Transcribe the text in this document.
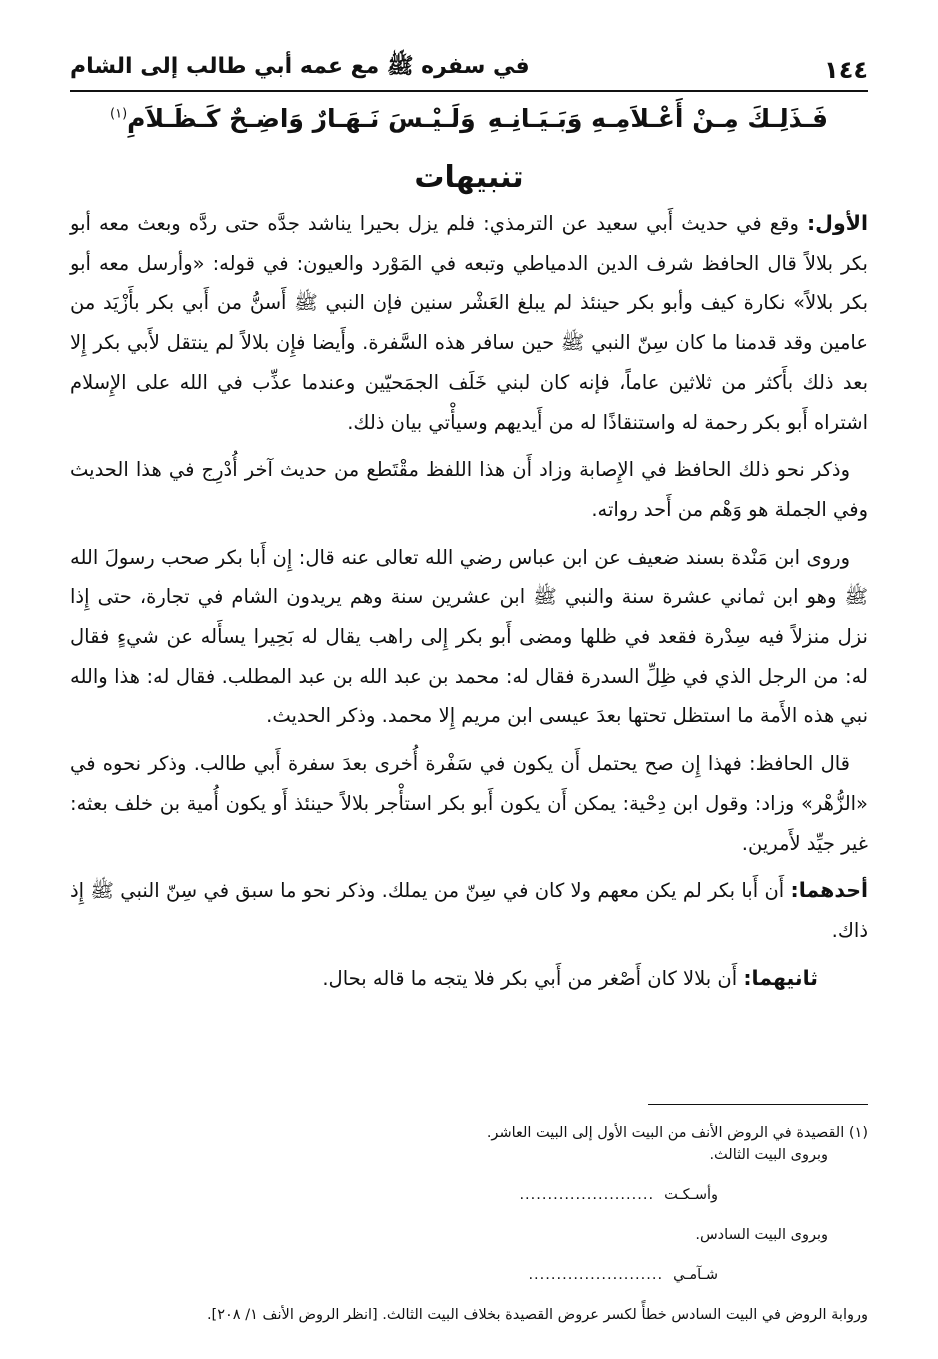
١٤٤
في سفره ﷺ مع عمه أبي طالب إلى الشام
فَـذَلِـكَ مِـنْ أَعْـلاَمِـهِ وَبَـيَـانِـهِ
وَلَـيْـسَ نَـهَـارٌ وَاضِـحٌ كَـظَـلاَمِ$^{(١)}$
تنبيهات

الأول: وقع في حديث أَبي سعيد عن الترمذي: فلم يزل بحيرا يناشد جدَّه حتى ردَّه وبعث معه أبو بكر بلالاً قال الحافظ شرف الدين الدمياطي وتبعه في المَوْرد والعيون: في قوله: «وأرسل معه أبو بكر بلالاً» نكارة كيف وأبو بكر حينئذ لم يبلغ العَشْر سنين فإن النبي ﷺ أَسنُّ من أَبي بكر بأَزْيَد من عامين وقد قدمنا ما كان سِنّ النبي ﷺ حين سافر هذه السَّفرة. وأَيضا فإِن بلالاً لم ينتقل لأَبي بكر إِلا بعد ذلك بأَكثر من ثلاثين عاماً، فإنه كان لبني خَلَف الجمَحيّين وعندما عذِّب في الله على الإِسلام اشتراه أَبو بكر رحمة له واستنقاذًا له من أَيديهم وسيأْتي بيان ذلك.

وذكر نحو ذلك الحافظ في الإِصابة وزاد أَن هذا اللفظ مقْتَطع من حديث آخر أُدْرِج في هذا الحديث وفي الجملة هو وَهْم من أَحد رواته.

وروى ابن مَنْدة بسند ضعيف عن ابن عباس رضي الله تعالى عنه قال: إِن أَبا بكر صحب رسولَ الله ﷺ وهو ابن ثماني عشرة سنة والنبي ﷺ ابن عشرين سنة وهم يريدون الشام في تجارة، حتى إِذا نزل منزلاً فيه سِدْرة فقعد في ظلها ومضى أَبو بكر إِلى راهب يقال له بَحِيرا يسأَله عن شيءٍ فقال له: من الرجل الذي في ظِلِّ السدرة فقال له: محمد بن عبد الله بن عبد المطلب. فقال له: هذا والله نبي هذه الأَمة ما استظل تحتها بعدَ عيسى ابن مريم إِلا محمد. وذكر الحديث.

قال الحافظ: فهذا إِن صح يحتمل أَن يكون في سَفْرة أُخرى بعدَ سفرة أَبي طالب. وذكر نحوه في «الزُّهْر» وزاد: وقول ابن دِحْية: يمكن أَن يكون أَبو بكر استأْجر بلالاً حينئذ أَو يكون أُمية بن خلف بعثه: غير جيِّد لأَمرين.

أحدهما: أَن أَبا بكر لم يكن معهم ولا كان في سِنّ من يملك. وذكر نحو ما سبق في سِنّ النبي ﷺ إِذ ذاك.

ثانيهما: أَن بلالا كان أَصْغر من أَبي بكر فلا يتجه ما قاله بحال.

(١) القصيدة في الروض الأنف من البيت الأول إلى البيت العاشر.

وبروى البيت الثالث.

وأسـكـت
........................

وبروى البيت السادس.

شـآمـي
........................

وروابة الروض في البيت السادس خطأً لكسر عروض القصيدة بخلاف البيت الثالث. [انظر الروض الأنف ١/ ٢٠٨].
